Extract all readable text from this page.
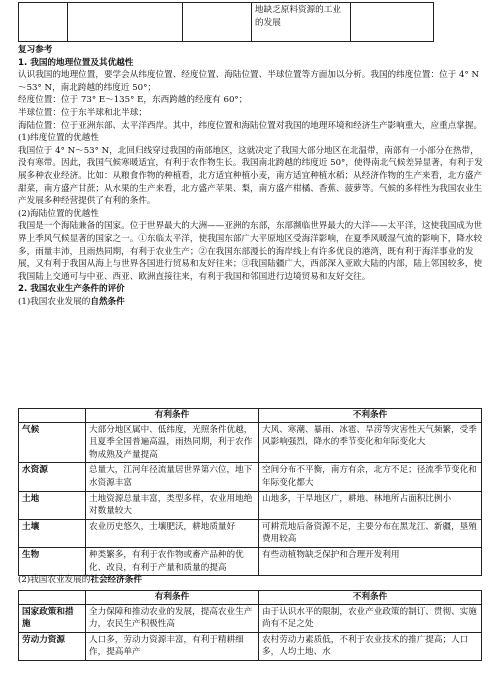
			地缺乏原料资源的工业的发展	

复习参考

1. 我国的地理位置及其优越性

认识我国的地理位置，要学会从纬度位置、经度位置、海陆位置、半球位置等方面加以分析。我国的纬度位置：位于 4° N～53° N，南北跨越的纬度近 50°；

经度位置：位于 73° E～135° E，东西跨越的经度有 60°；

半球位置：位于东半球和北半球；

海陆位置：位于亚洲东部、太平洋西岸。其中，纬度位置和海陆位置对我国的地理环境和经济生产影响重大，应重点掌握。

(1)纬度位置的优越性

我国位于 4° N～53° N，北回归线穿过我国的南部地区，这就决定了我国大部分地区在北温带，南部有一小部分在热带，没有寒带。因此，我国气候寒暖适宜，有利于农作物生长。我国南北跨越的纬度近 50°，使得南北气候差异显著，有利于发展多种农业经济。比如：从粮食作物的种植看，北方适宜种植小麦，南方适宜种植水稻；从经济作物的生产来看，北方盛产甜菜，南方盛产甘蔗；从水果的生产来看，北方盛产苹果、梨，南方盛产柑橘、香蕉、菠萝等。气候的多样性为我国农业生产发展多种经营提供了有利的条件。

(2)海陆位置的优越性

我国是一个海陆兼备的国家。位于世界最大的大洲——亚洲的东部，东部濒临世界最大的大洋——太平洋，这使我国成为世界上季风气候显著的国家之一。①东临太平洋，使我国东部广大平原地区受海洋影响，在夏季风暖湿气流的影响下，降水较多，雨量丰沛，且雨热同期，有利于农业生产；②在我国东部漫长的海岸线上有许多优良的港湾，既有利于海洋事业的发展，又有利于我国从海上与世界各国进行贸易和友好往来；③我国陆疆广大，西部深入亚欧大陆的内部，陆上邻国较多，使我国陆上交通可与中亚、西亚、欧洲直接往来，有利于我国和邻国进行边境贸易和友好交往。

2. 我国农业生产条件的评价

(1)我国农业发展的自然条件

	有利条件	不利条件
气候	大部分地区属中、低纬度，光照条件优越，且夏季全国普遍高温，雨热同期，利于农作物成熟及产量提高	大风、寒潮、暴雨、冰雹、旱涝等灾害性天气频繁，受季风影响强烈，降水的季节变化和年际变化大
水资源	总量大，江河年径流量居世界第六位，地下水资源丰富	空间分布不平衡，南方有余，北方不足；径流季节变化和年际变化都大
土地	土地资源总量丰富，类型多样，农业用地绝对数量较大	山地多，干旱地区广，耕地、林地所占面积比例小
土壤	农业历史悠久，土壤肥沃，耕地质量好	可耕荒地后备资源不足，主要分布在黑龙江、新疆，垦殖费用较高
生物	种类繁多，有利于农作物或畜产品种的优化、改良，有利于产量和质量的提高	有些动植物缺乏保护和合理开发利用

(2)我国农业发展的社会经济条件

	有利条件	不利条件
国家政策和措施	全力保障和推动农业的发展，提高农业生产力，农民生产积极性高	由于认识水平的限制，农业产业政策的制订、贯彻、实施尚有不足之处
劳动力资源	人口多，劳动力资源丰富，有利于精耕细作，提高单产	农村劳动力素质低，不利于农业技术的推广提高；人口多，人均土地、水
